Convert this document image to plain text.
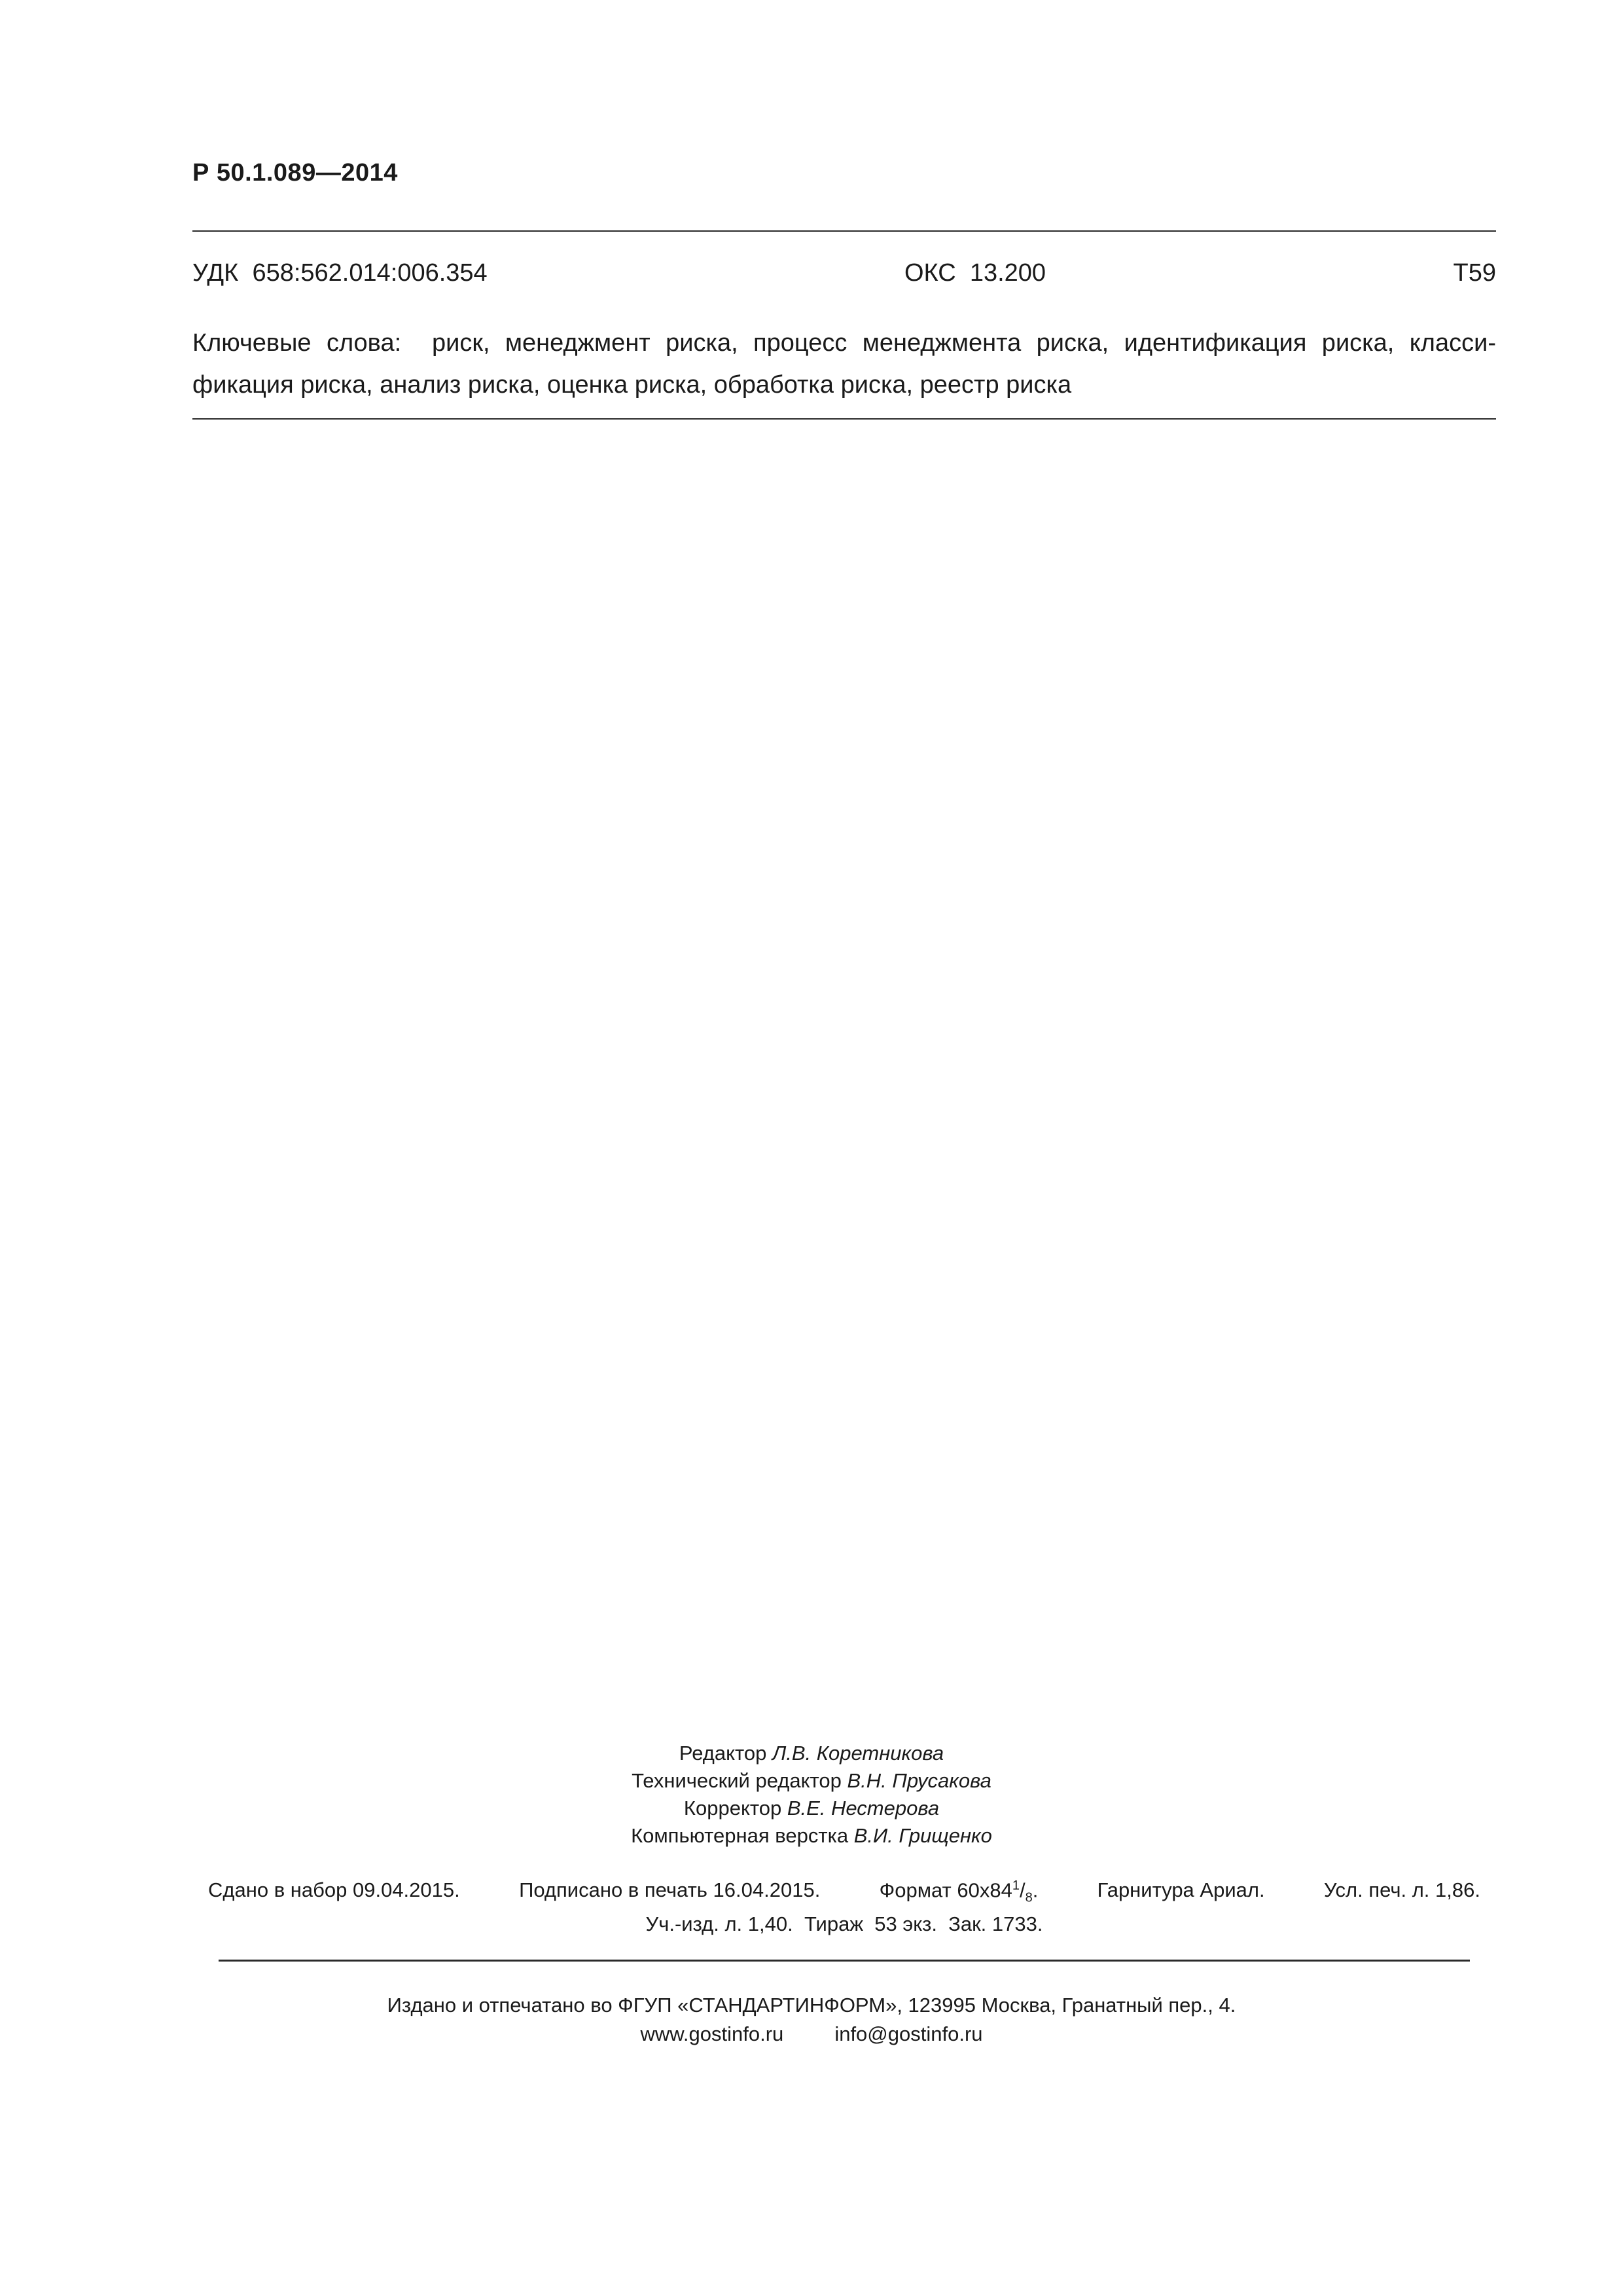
Р 50.1.089—2014
УДК 658:562.014:006.354	ОКС 13.200	Т59
Ключевые слова: риск, менеджмент риска, процесс менеджмента риска, идентификация риска, класси-фикация риска, анализ риска, оценка риска, обработка риска, реестр риска
Редактор Л.В. Коретникова
Технический редактор В.Н. Прусакова
Корректор В.Е. Нестерова
Компьютерная верстка В.И. Грищенко
Сдано в набор 09.04.2015.	Подписано в печать 16.04.2015.	Формат $60x84^1/_8$.	Гарнитура Ариал.	Усл. печ. л. 1,86.
Уч.-изд. л. 1,40.  Тираж  53 экз.  Зак. 1733.
Издано и отпечатано во ФГУП «СТАНДАРТИНФОРМ», 123995 Москва, Гранатный пер., 4.
www.gostinfo.ru	info@gostinfo.ru
